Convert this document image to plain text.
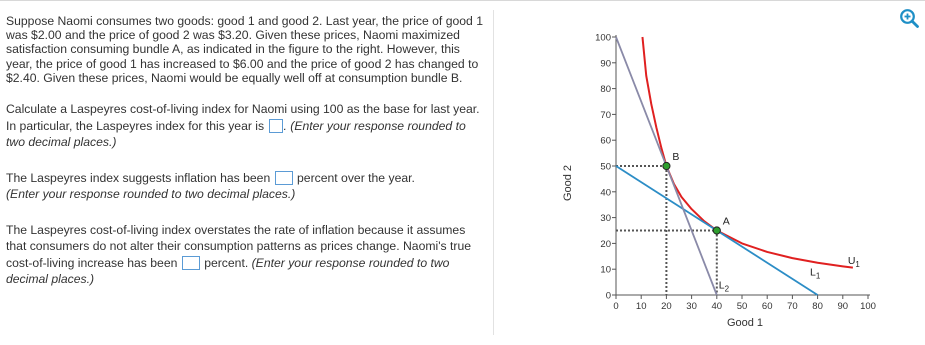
Suppose Naomi consumes two goods: good 1 and good 2. Last year, the price of good 1 was $2.00 and the price of good 2 was $3.20. Given these prices, Naomi maximized satisfaction consuming bundle A, as indicated in the figure to the right. However, this year, the price of good 1 has increased to $6.00 and the price of good 2 has changed to $2.40. Given these prices, Naomi would be equally well off at consumption bundle B.

Calculate a Laspeyres cost-of-living index for Naomi using 100 as the base for last year. In particular, the Laspeyres index for this year is . (Enter your response rounded to two decimal places.)

The Laspeyres index suggests inflation has been percent over the year.
(Enter your response rounded to two decimal places.)

The Laspeyres cost-of-living index overstates the rate of inflation because it assumes that consumers do not alter their consumption patterns as prices change. Naomi's true cost-of-living increase has been percent. (Enter your response rounded to two decimal places.)

0 10 20 30 40 50 60 70 80 90 100
0
10
20
30
40
50
60
70
80
90
100
A
B
$U_1$
$L_1$
$L_2$
Good 1
Good 2
